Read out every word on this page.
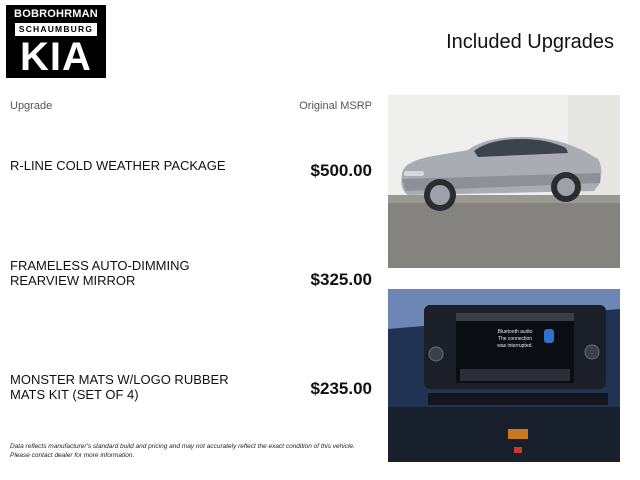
BOBROHRMAN
SCHAUMBURG
KIA	Included Upgrades
Upgrade	Original MSRP
R-LINE COLD WEATHER PACKAGE	$500.00
FRAMELESS AUTO-DIMMING REARVIEW MIRROR	$325.00
MONSTER MATS W/LOGO RUBBER MATS KIT (SET OF 4)	$235.00
Data reflects manufacturer's standard build and pricing and may not accurately reflect the exact condition of this vehicle.
Please contact dealer for more information.
Bluetooth audio
The connection
was interrupted.
